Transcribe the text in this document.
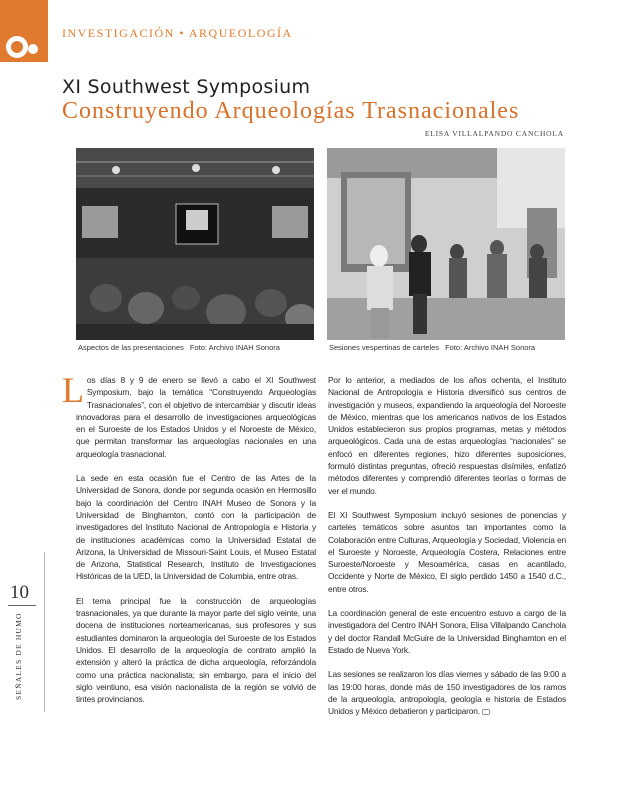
INVESTIGACIÓN • ARQUEOLOGÍA
XI Southwest Symposium
Construyendo Arqueologías Trasnacionales
ELISA VILLALPANDO CANCHOLA
Aspectos de las presentaciones Foto: Archivo INAH Sonora	Sesiones vespertinas de carteles Foto: Archivo INAH Sonora

Los días 8 y 9 de enero se llevó a cabo el XI Southwest Symposium, bajo la temática “Construyendo Arqueologías Trasnacionales”, con el objetivo de intercambiar y discutir ideas innovadoras para el desarrollo de investigaciones arqueológicas en el Suroeste de los Estados Unidos y el Noroeste de México, que permitan transformar las arqueologías nacionales en una arqueología trasnacional.

La sede en esta ocasión fue el Centro de las Artes de la Universidad de Sonora, donde por segunda ocasión en Hermosillo bajo la coordinación del Centro INAH Museo de Sonora y la Universidad de Binghamton, contó con la participación de investigadores del Instituto Nacional de Antropología e Historia y de instituciones académicas como la Universidad Estatal de Arizona, la Universidad de Missouri-Saint Louis, el Museo Estatal de Arizona, Statistical Research, Instituto de Investigaciones Históricas de la UED, la Universidad de Columbia, entre otras.

El tema principal fue la construcción de arqueologías trasnacionales, ya que durante la mayor parte del siglo veinte, una docena de instituciones norteamericanas, sus profesores y sus estudiantes dominaron la arqueología del Suroeste de los Estados Unidos. El desarrollo de la arqueología de contrato amplió la extensión y alteró la práctica de dicha arqueología, reforzándola como una práctica nacionalista; sin embargo, para el inicio del siglo veintiuno, esa visión nacionalista de la región se volvió de tintes provincianos.

Por lo anterior, a mediados de los años ochenta, el Instituto Nacional de Antropología e Historia diversificó sus centros de investigación y museos, expandiendo la arqueología del Noroeste de México, mientras que los americanos nativos de los Estados Unidos establecieron sus propios programas, metas y métodos arqueológicos. Cada una de estas arqueologías “nacionales” se enfocó en diferentes regiones, hizo diferentes suposiciones, formuló distintas preguntas, ofreció respuestas disímiles, enfatizó métodos diferentes y comprendió diferentes teorías o formas de ver el mundo.

El XI Southwest Symposium incluyó sesiones de ponencias y carteles temáticos sobre asuntos tan importantes como la Colaboración entre Culturas, Arqueología y Sociedad, Violencia en el Suroeste y Noroeste, Arqueología Costera, Relaciones entre Suroeste/Noroeste y Mesoamérica, casas en acantilado, Occidente y Norte de México, El siglo perdido 1450 a 1540 d.C., entre otros.

La coordinación general de este encuentro estuvo a cargo de la investigadora del Centro INAH Sonora, Elisa Villalpando Canchola y del doctor Randall McGuire de la Universidad Binghamton en el Estado de Nueva York.

Las sesiones se realizaron los días viernes y sábado de las 9:00 a las 19:00 horas, donde más de 150 investigadores de los ramos de la arqueología, antropología, geología e historia de Estados Unidos y México debatieron y participaron.

10
SEÑALES DE HUMO
